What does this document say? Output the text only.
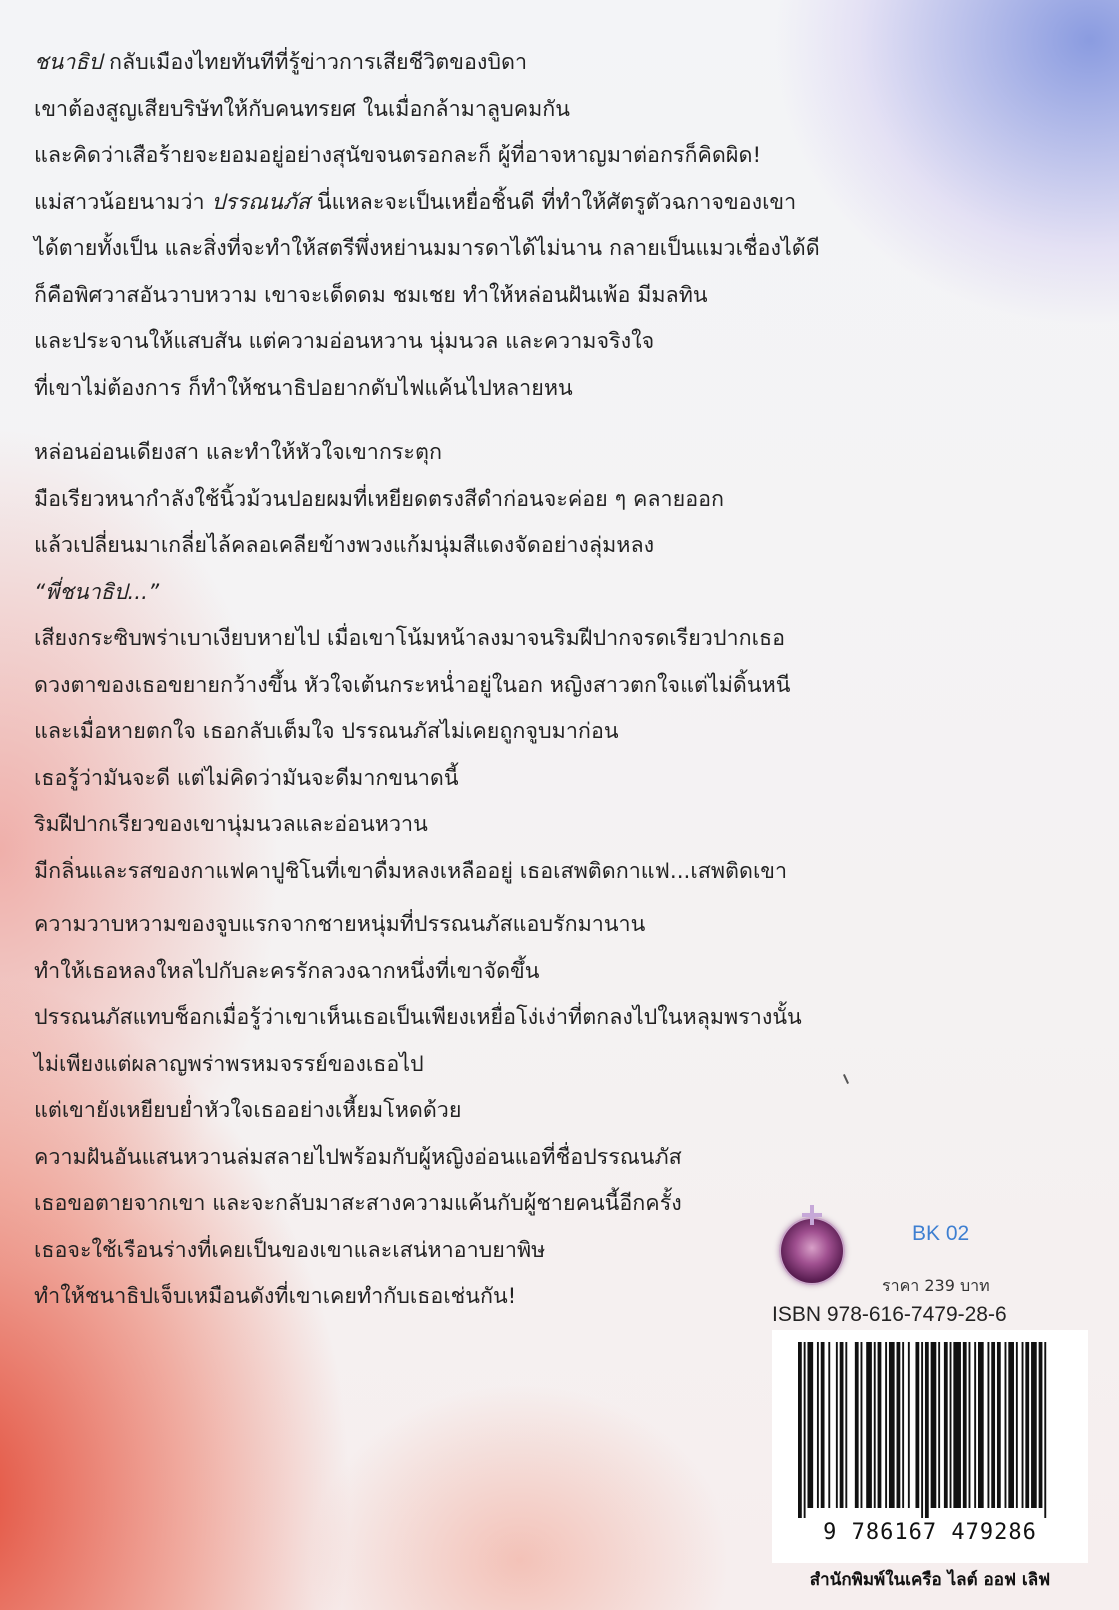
ชนาธิป กลับเมืองไทยทันทีที่รู้ข่าวการเสียชีวิตของบิดา
เขาต้องสูญเสียบริษัทให้กับคนทรยศ ในเมื่อกล้ามาลูบคมกัน
และคิดว่าเสือร้ายจะยอมอยู่อย่างสุนัขจนตรอกละก็ ผู้ที่อาจหาญมาต่อกรก็คิดผิด!
แม่สาวน้อยนามว่า ปรรณนภัส นี่แหละจะเป็นเหยื่อชิ้นดี ที่ทำให้ศัตรูตัวฉกาจของเขา
ได้ตายทั้งเป็น และสิ่งที่จะทำให้สตรีพึ่งหย่านมมารดาได้ไม่นาน กลายเป็นแมวเชื่องได้ดี
ก็คือพิศวาสอันวาบหวาม เขาจะเด็ดดม ชมเชย ทำให้หล่อนฝันเพ้อ มีมลทิน
และประจานให้แสบสัน แต่ความอ่อนหวาน นุ่มนวล และความจริงใจ
ที่เขาไม่ต้องการ ก็ทำให้ชนาธิปอยากดับไฟแค้นไปหลายหน
หล่อนอ่อนเดียงสา และทำให้หัวใจเขากระตุก
มือเรียวหนากำลังใช้นิ้วม้วนปอยผมที่เหยียดตรงสีดำก่อนจะค่อย ๆ คลายออก
แล้วเปลี่ยนมาเกลี่ยไล้คลอเคลียข้างพวงแก้มนุ่มสีแดงจัดอย่างลุ่มหลง
“พี่ชนาธิป...”
เสียงกระซิบพร่าเบาเงียบหายไป เมื่อเขาโน้มหน้าลงมาจนริมฝีปากจรดเรียวปากเธอ
ดวงตาของเธอขยายกว้างขึ้น หัวใจเต้นกระหน่ำอยู่ในอก หญิงสาวตกใจแต่ไม่ดิ้นหนี
และเมื่อหายตกใจ เธอกลับเต็มใจ ปรรณนภัสไม่เคยถูกจูบมาก่อน
เธอรู้ว่ามันจะดี แต่ไม่คิดว่ามันจะดีมากขนาดนี้
ริมฝีปากเรียวของเขานุ่มนวลและอ่อนหวาน
มีกลิ่นและรสของกาแฟคาปูชิโนที่เขาดื่มหลงเหลืออยู่ เธอเสพติดกาแฟ...เสพติดเขา
ความวาบหวามของจูบแรกจากชายหนุ่มที่ปรรณนภัสแอบรักมานาน
ทำให้เธอหลงใหลไปกับละครรักลวงฉากหนึ่งที่เขาจัดขึ้น
ปรรณนภัสแทบช็อกเมื่อรู้ว่าเขาเห็นเธอเป็นเพียงเหยื่อโง่เง่าที่ตกลงไปในหลุมพรางนั้น
ไม่เพียงแต่ผลาญพร่าพรหมจรรย์ของเธอไป
แต่เขายังเหยียบย่ำหัวใจเธออย่างเหี้ยมโหดด้วย
ความฝันอันแสนหวานล่มสลายไปพร้อมกับผู้หญิงอ่อนแอที่ชื่อปรรณนภัส
เธอขอตายจากเขา และจะกลับมาสะสางความแค้นกับผู้ชายคนนี้อีกครั้ง
เธอจะใช้เรือนร่างที่เคยเป็นของเขาและเสน่หาอาบยาพิษ
ทำให้ชนาธิปเจ็บเหมือนดังที่เขาเคยทำกับเธอเช่นกัน!
BK 02
ราคา 239 บาท
ISBN 978-616-7479-28-6
9 786167 479286
สำนักพิมพ์ในเครือ ไลต์ ออฟ เลิฟ
